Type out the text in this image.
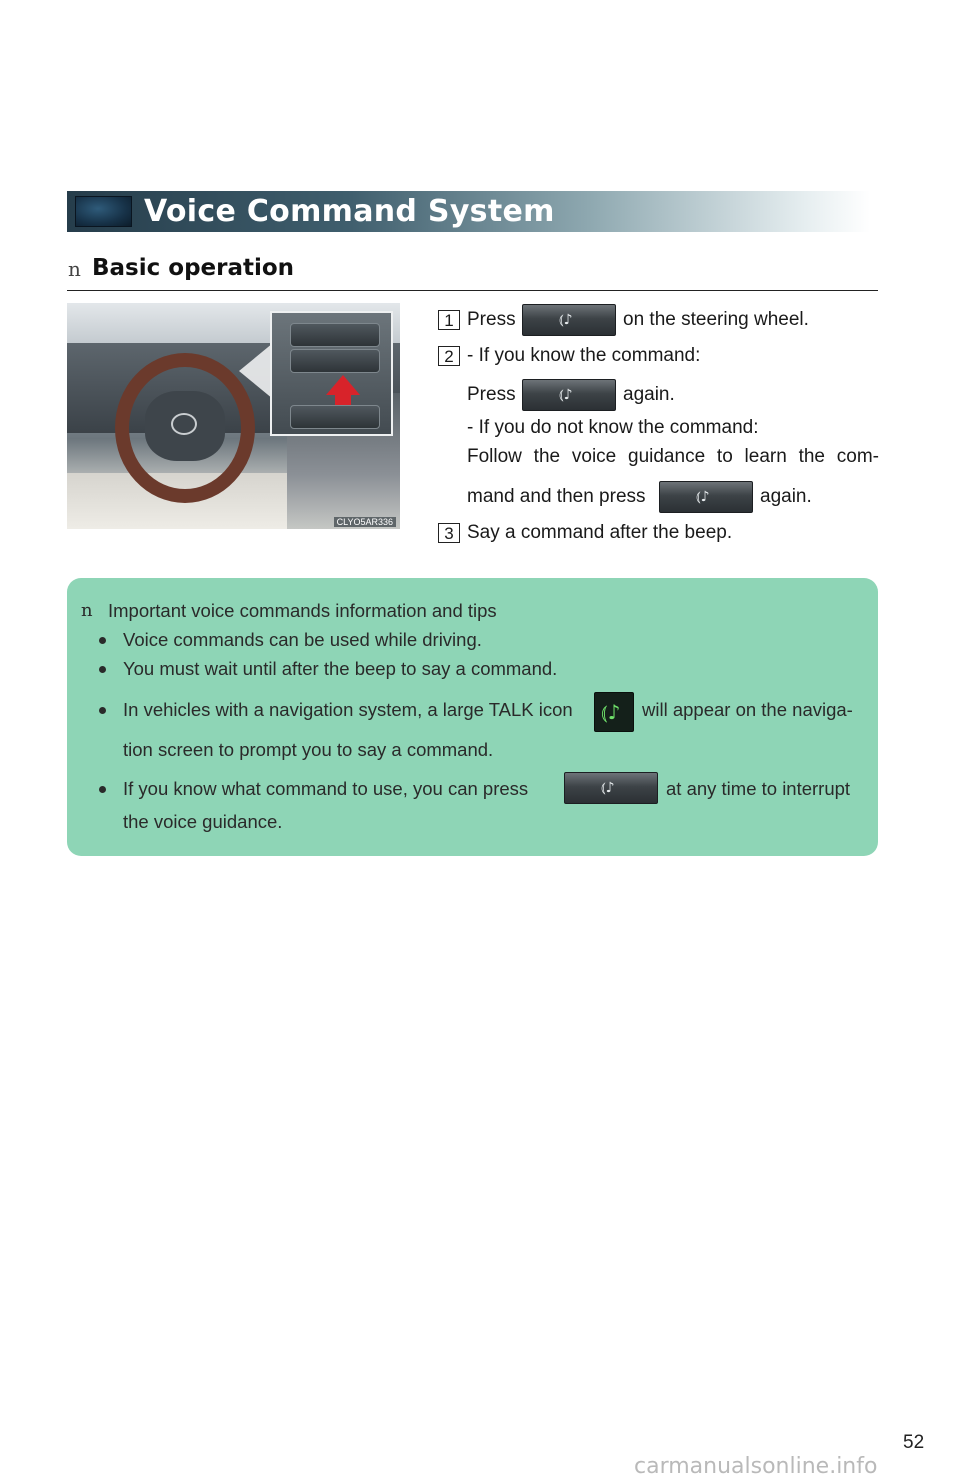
Voice Command System
n Basic operation
CLYO5AR336
1 Press	⦅♪	on the steering wheel.
2 - If you know the command:
Press	⦅♪	again.
- If you do not know the command:
Follow the voice guidance to learn the com-
mand and then press	⦅♪	again.
3 Say a command after the beep.
n Important voice commands information and tips
Voice commands can be used while driving.
You must wait until after the beep to say a command.
In vehicles with a navigation system, a large TALK icon ⦅♪ will appear on the naviga-
tion screen to prompt you to say a command.
If you know what command to use, you can press	⦅♪	at any time to interrupt
the voice guidance.
52
carmanualsonline.info
